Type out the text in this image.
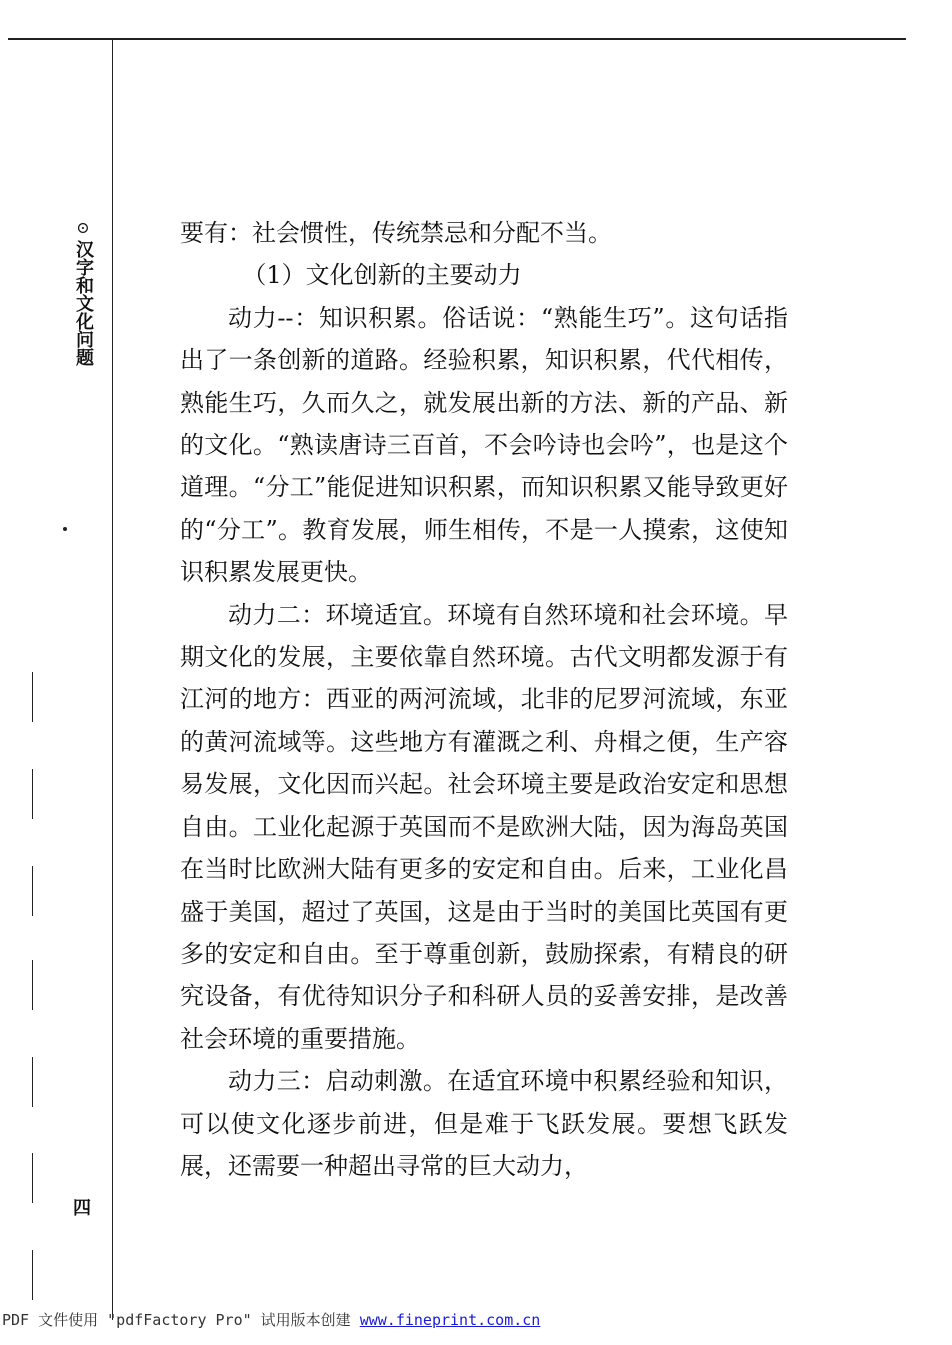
⊙
汉字和文化问题
四

要有：社会惯性，传统禁忌和分配不当。

（1）文化创新的主要动力

动力--：知识积累。俗话说：“熟能生巧”。这句话指出了一条创新的道路。经验积累，知识积累，代代相传，熟能生巧，久而久之，就发展出新的方法、新的产品、新的文化。“熟读唐诗三百首，不会吟诗也会吟”，也是这个道理。“分工”能促进知识积累，而知识积累又能导致更好的“分工”。教育发展，师生相传，不是一人摸索，这使知识积累发展更快。

动力二：环境适宜。环境有自然环境和社会环境。早期文化的发展，主要依靠自然环境。古代文明都发源于有江河的地方：西亚的两河流域，北非的尼罗河流域，东亚的黄河流域等。这些地方有灌溉之利、舟楫之便，生产容易发展，文化因而兴起。社会环境主要是政治安定和思想自由。工业化起源于英国而不是欧洲大陆，因为海岛英国在当时比欧洲大陆有更多的安定和自由。后来，工业化昌盛于美国，超过了英国，这是由于当时的美国比英国有更多的安定和自由。至于尊重创新，鼓励探索，有精良的研究设备，有优待知识分子和科研人员的妥善安排，是改善社会环境的重要措施。

动力三：启动刺激。在适宜环境中积累经验和知识，可以使文化逐步前进，但是难于飞跃发展。要想飞跃发展，还需要一种超出寻常的巨大动力，

PDF 文件使用 "pdfFactory Pro" 试用版本创建 www.fineprint.com.cn
